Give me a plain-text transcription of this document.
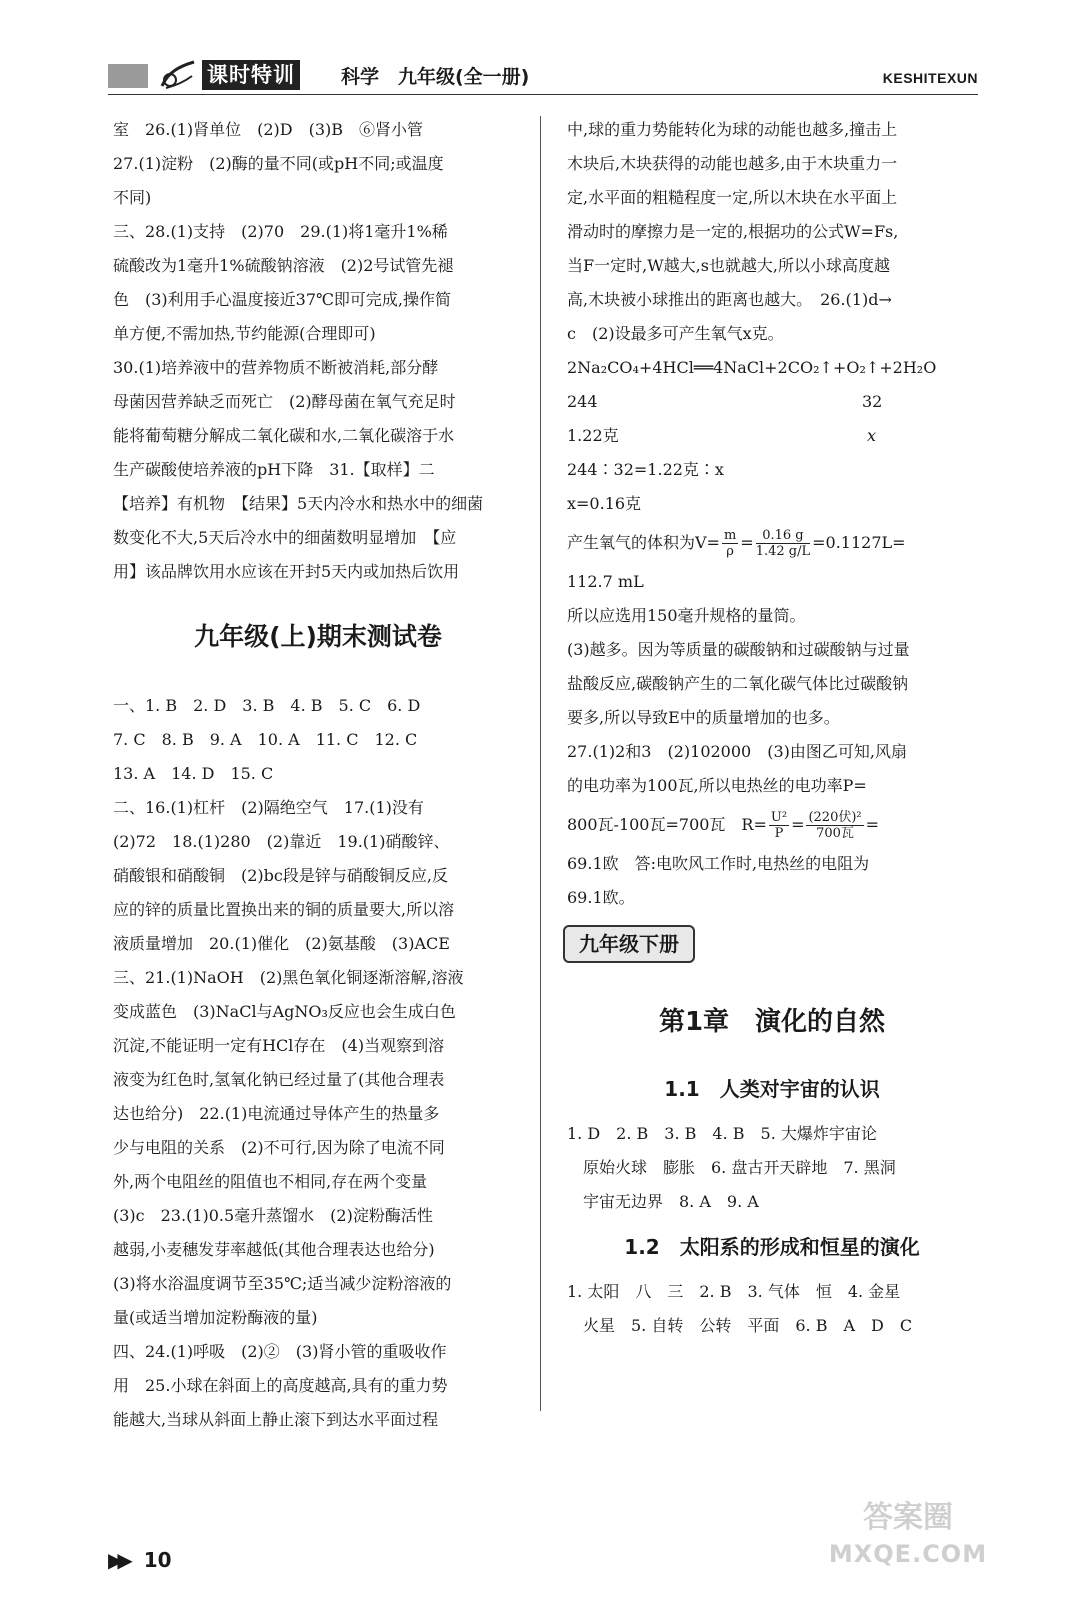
课时特训 科学　九年级(全一册)	KESHITEXUN

室　26.(1)肾单位　(2)D　(3)B　⑥肾小管

27.(1)淀粉　(2)酶的量不同(或pH不同;或温度

不同)

三、28.(1)支持　(2)70　29.(1)将1毫升1%稀

硫酸改为1毫升1%硫酸钠溶液　(2)2号试管先褪

色　(3)利用手心温度接近37℃即可完成,操作简

单方便,不需加热,节约能源(合理即可)

30.(1)培养液中的营养物质不断被消耗,部分酵

母菌因营养缺乏而死亡　(2)酵母菌在氧气充足时

能将葡萄糖分解成二氧化碳和水,二氧化碳溶于水

生产碳酸使培养液的pH下降　31.【取样】二

【培养】有机物　【结果】5天内冷水和热水中的细菌

数变化不大,5天后冷水中的细菌数明显增加　【应

用】该品牌饮用水应该在开封5天内或加热后饮用

九年级(上)期末测试卷

一、1. B　2. D　3. B　4. B　5. C　6. D

7. C　8. B　9. A　10. A　11. C　12. C

13. A　14. D　15. C

二、16.(1)杠杆　(2)隔绝空气　17.(1)没有

(2)72　18.(1)280　(2)靠近　19.(1)硝酸锌、

硝酸银和硝酸铜　(2)bc段是锌与硝酸铜反应,反

应的锌的质量比置换出来的铜的质量要大,所以溶

液质量增加　20.(1)催化　(2)氨基酸　(3)ACE

三、21.(1)NaOH　(2)黑色氧化铜逐渐溶解,溶液

变成蓝色　(3)NaCl与AgNO₃反应也会生成白色

沉淀,不能证明一定有HCl存在　(4)当观察到溶

液变为红色时,氢氧化钠已经过量了(其他合理表

达也给分)　22.(1)电流通过导体产生的热量多

少与电阻的关系　(2)不可行,因为除了电流不同

外,两个电阻丝的阻值也不相同,存在两个变量

(3)c　23.(1)0.5毫升蒸馏水　(2)淀粉酶活性

越弱,小麦穗发芽率越低(其他合理表达也给分)

(3)将水浴温度调节至35℃;适当减少淀粉溶液的

量(或适当增加淀粉酶液的量)

四、24.(1)呼吸　(2)②　(3)肾小管的重吸收作

用　25.小球在斜面上的高度越高,具有的重力势

能越大,当球从斜面上静止滚下到达水平面过程

中,球的重力势能转化为球的动能也越多,撞击上

木块后,木块获得的动能也越多,由于木块重力一

定,水平面的粗糙程度一定,所以木块在水平面上

滑动时的摩擦力是一定的,根据功的公式W=Fs,

当F一定时,W越大,s也就越大,所以小球高度越

高,木块被小球推出的距离也越大。　26.(1)d→

c　(2)设最多可产生氧气x克。

2Na₂CO₄+4HCl══4NaCl+2CO₂↑+O₂↑+2H₂O

244	32
1.22克	x

244∶32=1.22克∶x

x=0.16克

产生氧气的体积为$V= \frac{m}{\rho} = \frac{0.16 g}{1.42 g/L} =0.1127L=$

112.7 mL

所以应选用150毫升规格的量筒。

(3)越多。因为等质量的碳酸钠和过碳酸钠与过量

盐酸反应,碳酸钠产生的二氧化碳气体比过碳酸钠

要多,所以导致E中的质量增加的也多。

27.(1)2和3　(2)102000　(3)由图乙可知,风扇

的电功率为100瓦,所以电热丝的电功率P=

800瓦-100瓦=700瓦　$R= \frac{\text{U²}}{P} = \frac{\text{(220伏)²}}{\text{700瓦}}$ =

69.1欧　答:电吹风工作时,电热丝的电阻为

69.1欧。

九年级下册

第1章　演化的自然

1.1　人类对宇宙的认识

1. D　2. B　3. B　4. B　5. 大爆炸宇宙论

　原始火球　膨胀　6. 盘古开天辟地　7. 黑洞

　宇宙无边界　8. A　9. A

1.2　太阳系的形成和恒星的演化

1. 太阳　八　三　2. B　3. 气体　恒　4. 金星

　火星　5. 自转　公转　平面　6. B　A　D　C

▶▶ 10
答案圈
MXQE.COM
